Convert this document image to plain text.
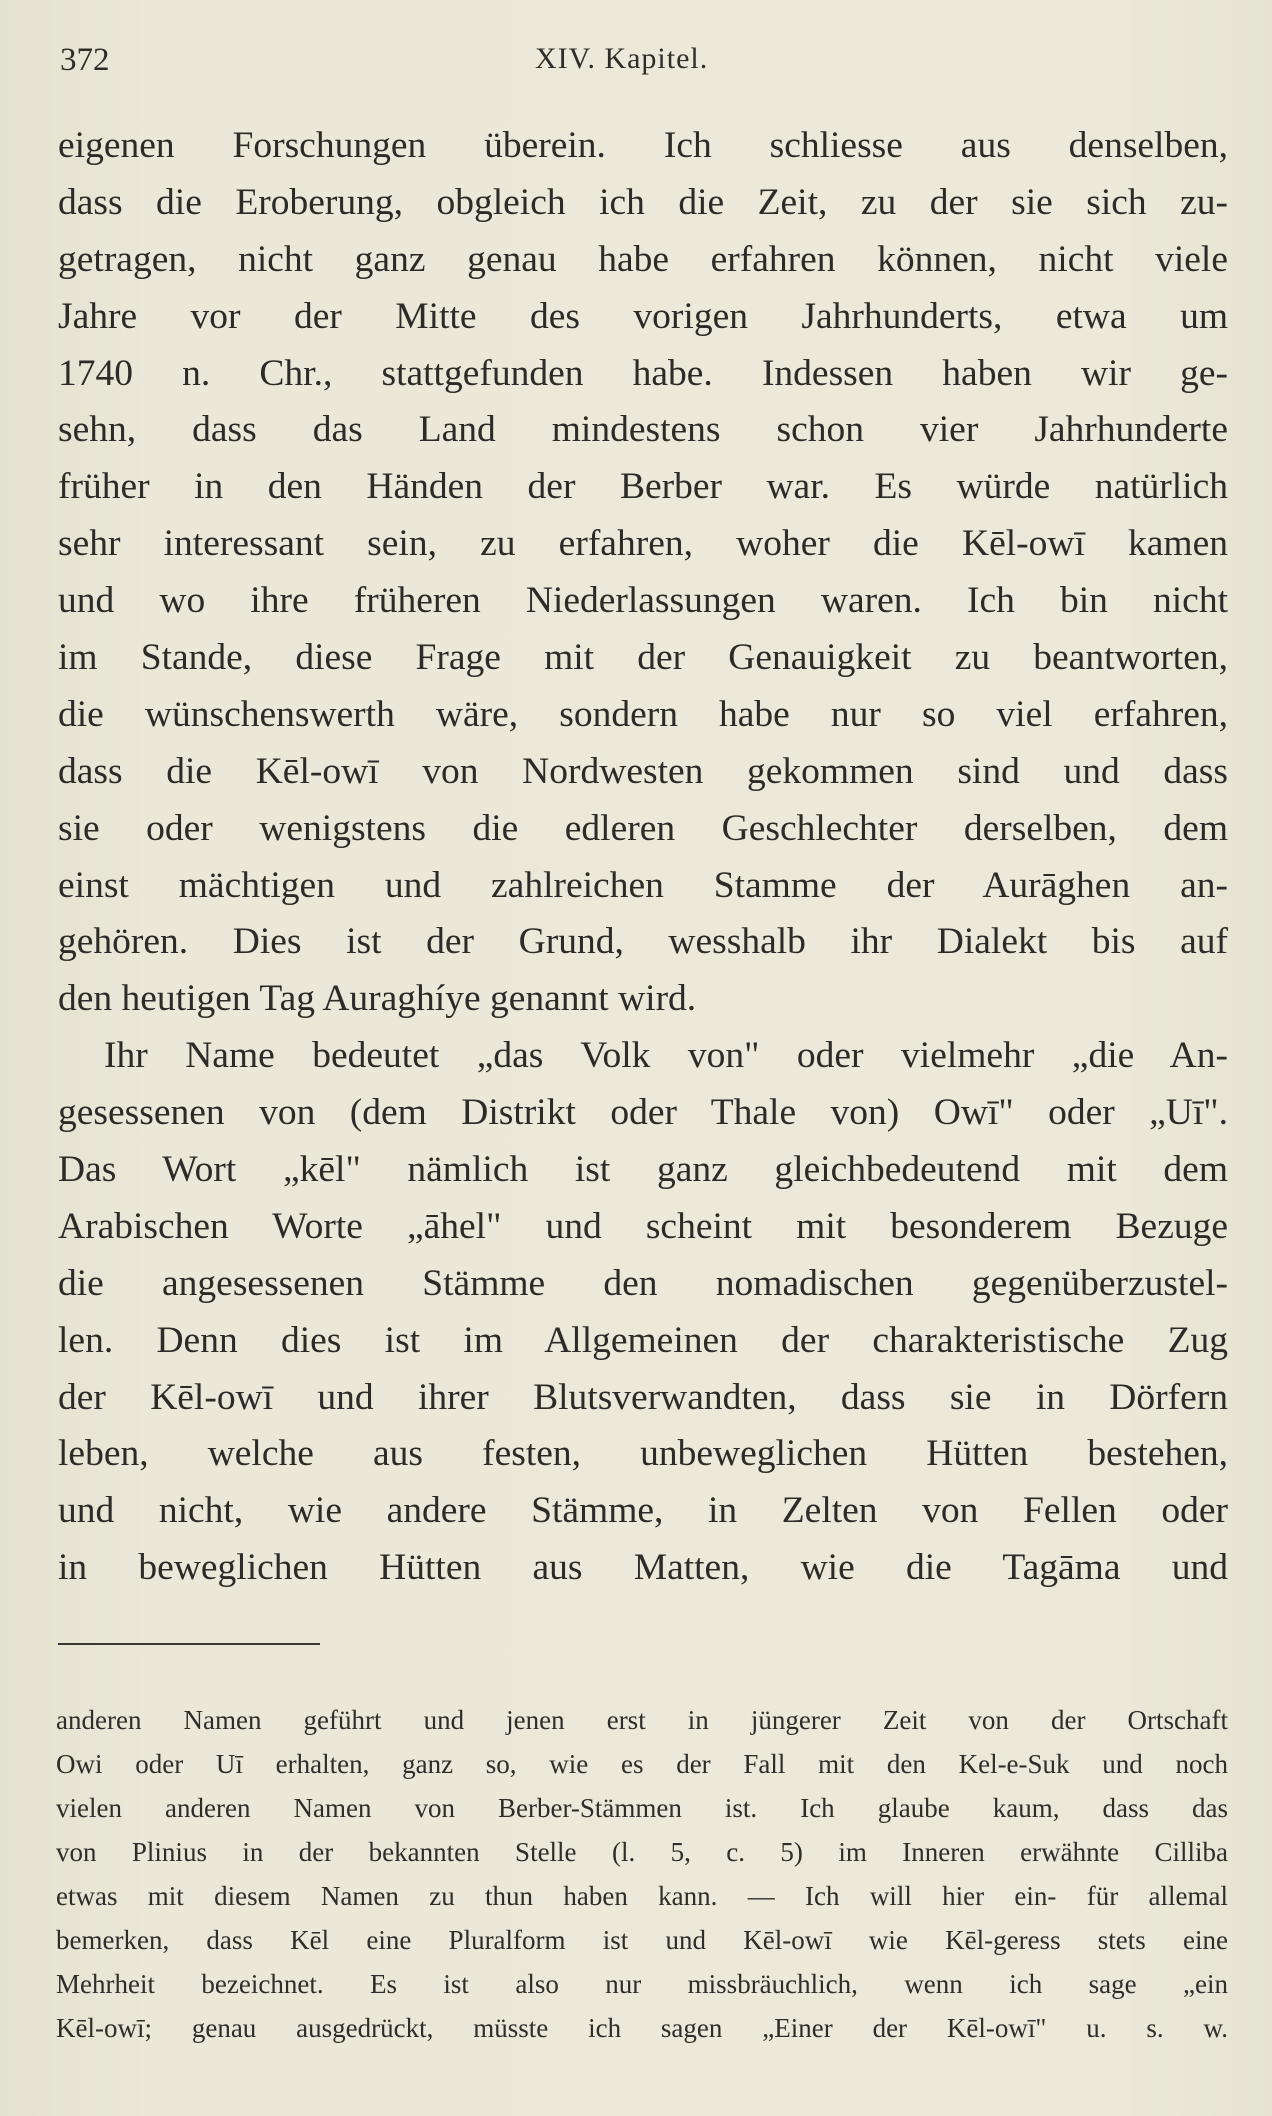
372	XIV. Kapitel.
eigenen Forschungen überein. Ich schliesse aus denselben,
dass die Eroberung, obgleich ich die Zeit, zu der sie sich zu-
getragen, nicht ganz genau habe erfahren können, nicht viele
Jahre vor der Mitte des vorigen Jahrhunderts, etwa um
1740 n. Chr., stattgefunden habe. Indessen haben wir ge-
sehn, dass das Land mindestens schon vier Jahrhunderte
früher in den Händen der Berber war. Es würde natürlich
sehr interessant sein, zu erfahren, woher die Kēl-owī kamen
und wo ihre früheren Niederlassungen waren. Ich bin nicht
im Stande, diese Frage mit der Genauigkeit zu beantworten,
die wünschenswerth wäre, sondern habe nur so viel erfahren,
dass die Kēl-owī von Nordwesten gekommen sind und dass
sie oder wenigstens die edleren Geschlechter derselben, dem
einst mächtigen und zahlreichen Stamme der Aurāghen an-
gehören. Dies ist der Grund, wesshalb ihr Dialekt bis auf
den heutigen Tag Auraghíye genannt wird.
Ihr Name bedeutet „das Volk von" oder vielmehr „die An-
gesessenen von (dem Distrikt oder Thale von) Owī" oder „Uī".
Das Wort „kēl" nämlich ist ganz gleichbedeutend mit dem
Arabischen Worte „āhel" und scheint mit besonderem Bezuge
die angesessenen Stämme den nomadischen gegenüberzustel-
len. Denn dies ist im Allgemeinen der charakteristische Zug
der Kēl-owī und ihrer Blutsverwandten, dass sie in Dörfern
leben, welche aus festen, unbeweglichen Hütten bestehen,
und nicht, wie andere Stämme, in Zelten von Fellen oder
in beweglichen Hütten aus Matten, wie die Tagāma und
anderen Namen geführt und jenen erst in jüngerer Zeit von der Ortschaft
Owi oder Uī erhalten, ganz so, wie es der Fall mit den Kel-e-Suk und noch
vielen anderen Namen von Berber-Stämmen ist. Ich glaube kaum, dass das
von Plinius in der bekannten Stelle (l. 5, c. 5) im Inneren erwähnte Cilliba
etwas mit diesem Namen zu thun haben kann. — Ich will hier ein- für allemal
bemerken, dass Kēl eine Pluralform ist und Kēl-owī wie Kēl-geress stets eine
Mehrheit bezeichnet. Es ist also nur missbräuchlich, wenn ich sage „ein
Kēl-owī; genau ausgedrückt, müsste ich sagen „Einer der Kēl-owī" u. s. w.
